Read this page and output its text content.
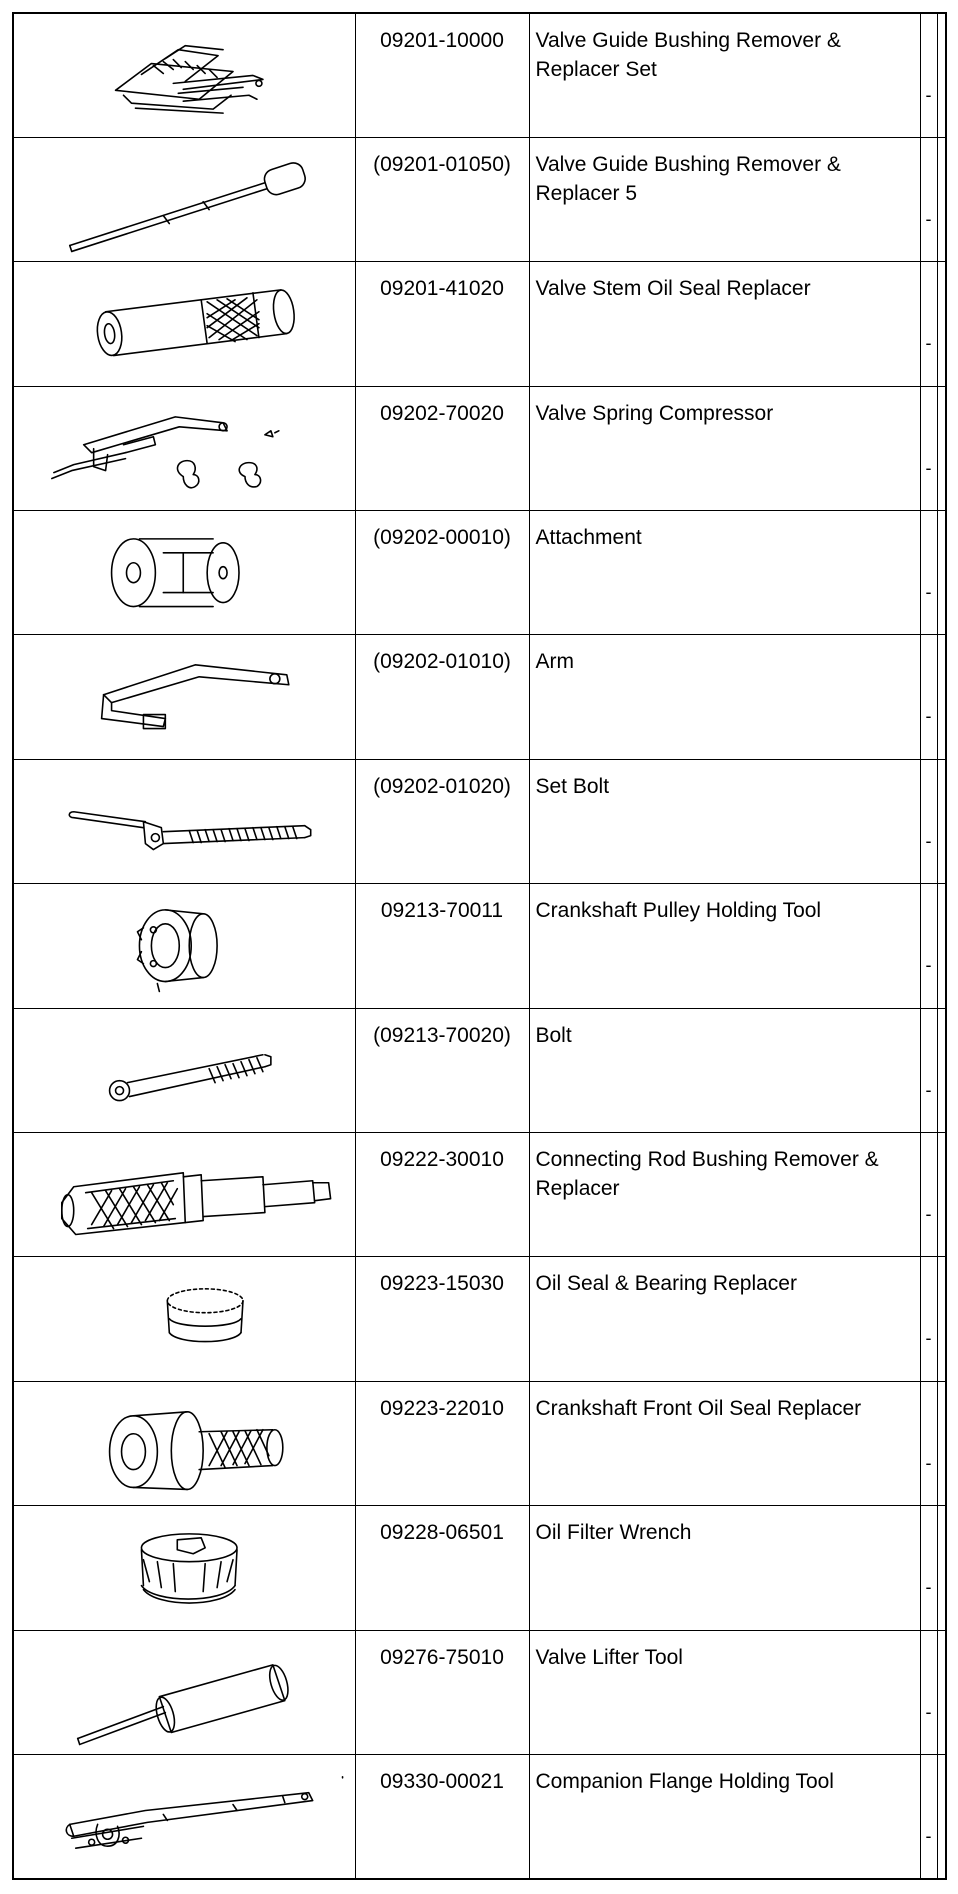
09201-10000	Valve Guide Bushing Remover & Replacer Set	-	

(09201-01050)	Valve Guide Bushing Remover & Replacer 5	-	

09201-41020	Valve Stem Oil Seal Replacer	-	

09202-70020	Valve Spring Compressor	-	

(09202-00010)	Attachment	-	

(09202-01010)	Arm	-	

(09202-01020)	Set Bolt	-	

09213-70011	Crankshaft Pulley Holding Tool	-	

(09213-70020)	Bolt	-	

09222-30010	Connecting Rod Bushing Remover & Replacer	-	

09223-15030	Oil Seal & Bearing Replacer	-	

09223-22010	Crankshaft Front Oil Seal Replacer	-	

09228-06501	Oil Filter Wrench	-	

09276-75010	Valve Lifter Tool	-	

09330-00021	Companion Flange Holding Tool	-	
